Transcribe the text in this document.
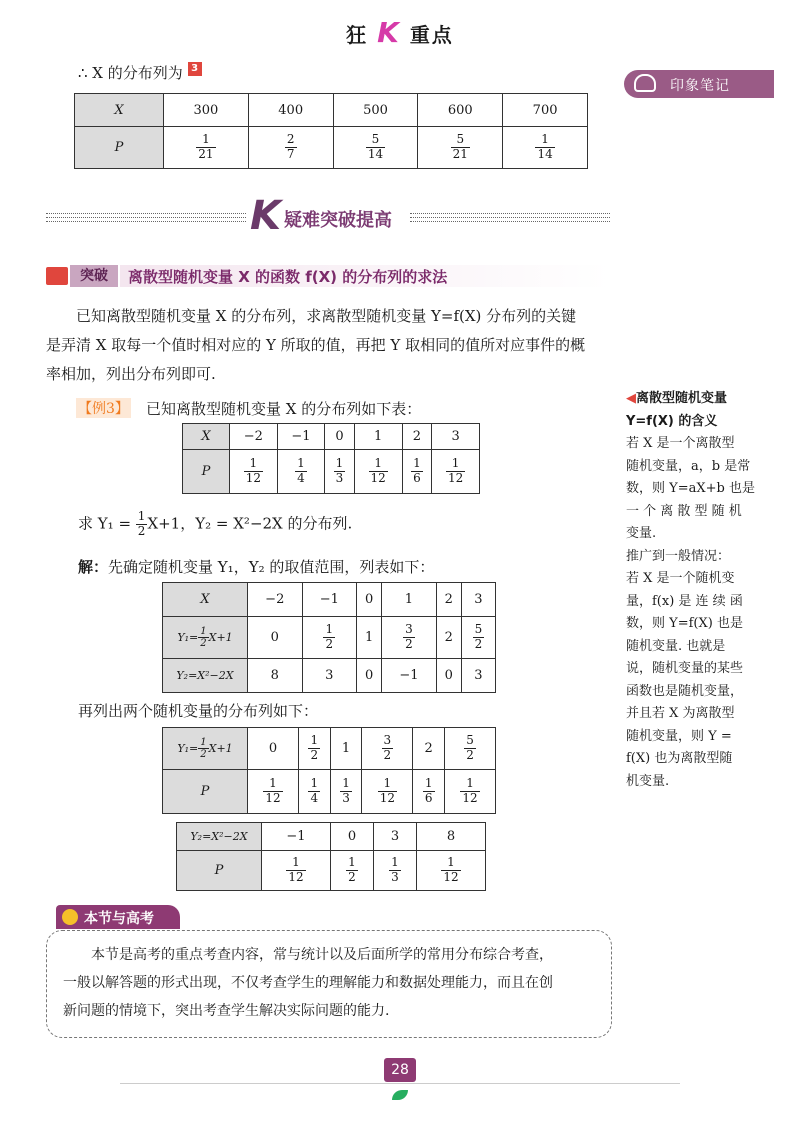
狂 K 重点
印象笔记
∴ X 的分布列为 3
X	300	400	500	600	700
P	$\frac{1}{21}$	$\frac{2}{7}$	$\frac{5}{14}$	$\frac{5}{21}$	$\frac{1}{14}$
K 疑难突破提高
突破	离散型随机变量 X 的函数 f(X) 的分布列的求法
已知离散型随机变量 X 的分布列，求离散型随机变量 Y=f(X) 分布列的关键
是弄清 X 取每一个值时相对应的 Y 所取的值，再把 Y 取相同的值所对应事件的概
率相加，列出分布列即可.
【例3】 已知离散型随机变量 X 的分布列如下表：
X	−2	−1	0	1	2	3
P	$\frac{1}{12}$	$\frac{1}{4}$	$\frac{1}{3}$	$\frac{1}{12}$	$\frac{1}{6}$	$\frac{1}{12}$
求 $Y_1 = \frac{1}{2} X+1$，Y₂ = X²−2X 的分布列.
解：先确定随机变量 Y₁，Y₂ 的取值范围，列表如下：
X	−2	−1	0	1	2	3
$Y_1= \frac{1}{2} X+1$	0	$\frac{1}{2}$	1	$\frac{3}{2}$	2	$\frac{5}{2}$

Y₂=X²−2X	8	3	0	−1	0	3
再列出两个随机变量的分布列如下：
$Y_1= \frac{1}{2} X+1$	0	$\frac{1}{2}$	1	$\frac{3}{2}$	2	$\frac{5}{2}$

P	$\frac{1}{12}$	$\frac{1}{4}$	$\frac{1}{3}$	$\frac{1}{12}$	$\frac{1}{6}$	$\frac{1}{12}$
Y₂=X²−2X	−1	0	3	8
P	$\frac{1}{12}$	$\frac{1}{2}$	$\frac{1}{3}$	$\frac{1}{12}$
◀离散型随机变量
Y=f(X) 的含义
若 X 是一个离散型
随机变量，a，b 是常
数，则 Y=aX+b 也是
一 个 离 散 型 随 机
变量.
推广到一般情况：
若 X 是一个随机变
量，f(x) 是 连 续 函
数，则 Y=f(X) 也是
随机变量. 也就是
说，随机变量的某些
函数也是随机变量，
并且若 X 为离散型
随机变量，则 Y =
f(X) 也为离散型随
机变量.
本节与高考
本节是高考的重点考查内容，常与统计以及后面所学的常用分布综合考查，
一般以解答题的形式出现，不仅考查学生的理解能力和数据处理能力，而且在创
新问题的情境下，突出考查学生解决实际问题的能力.
28
